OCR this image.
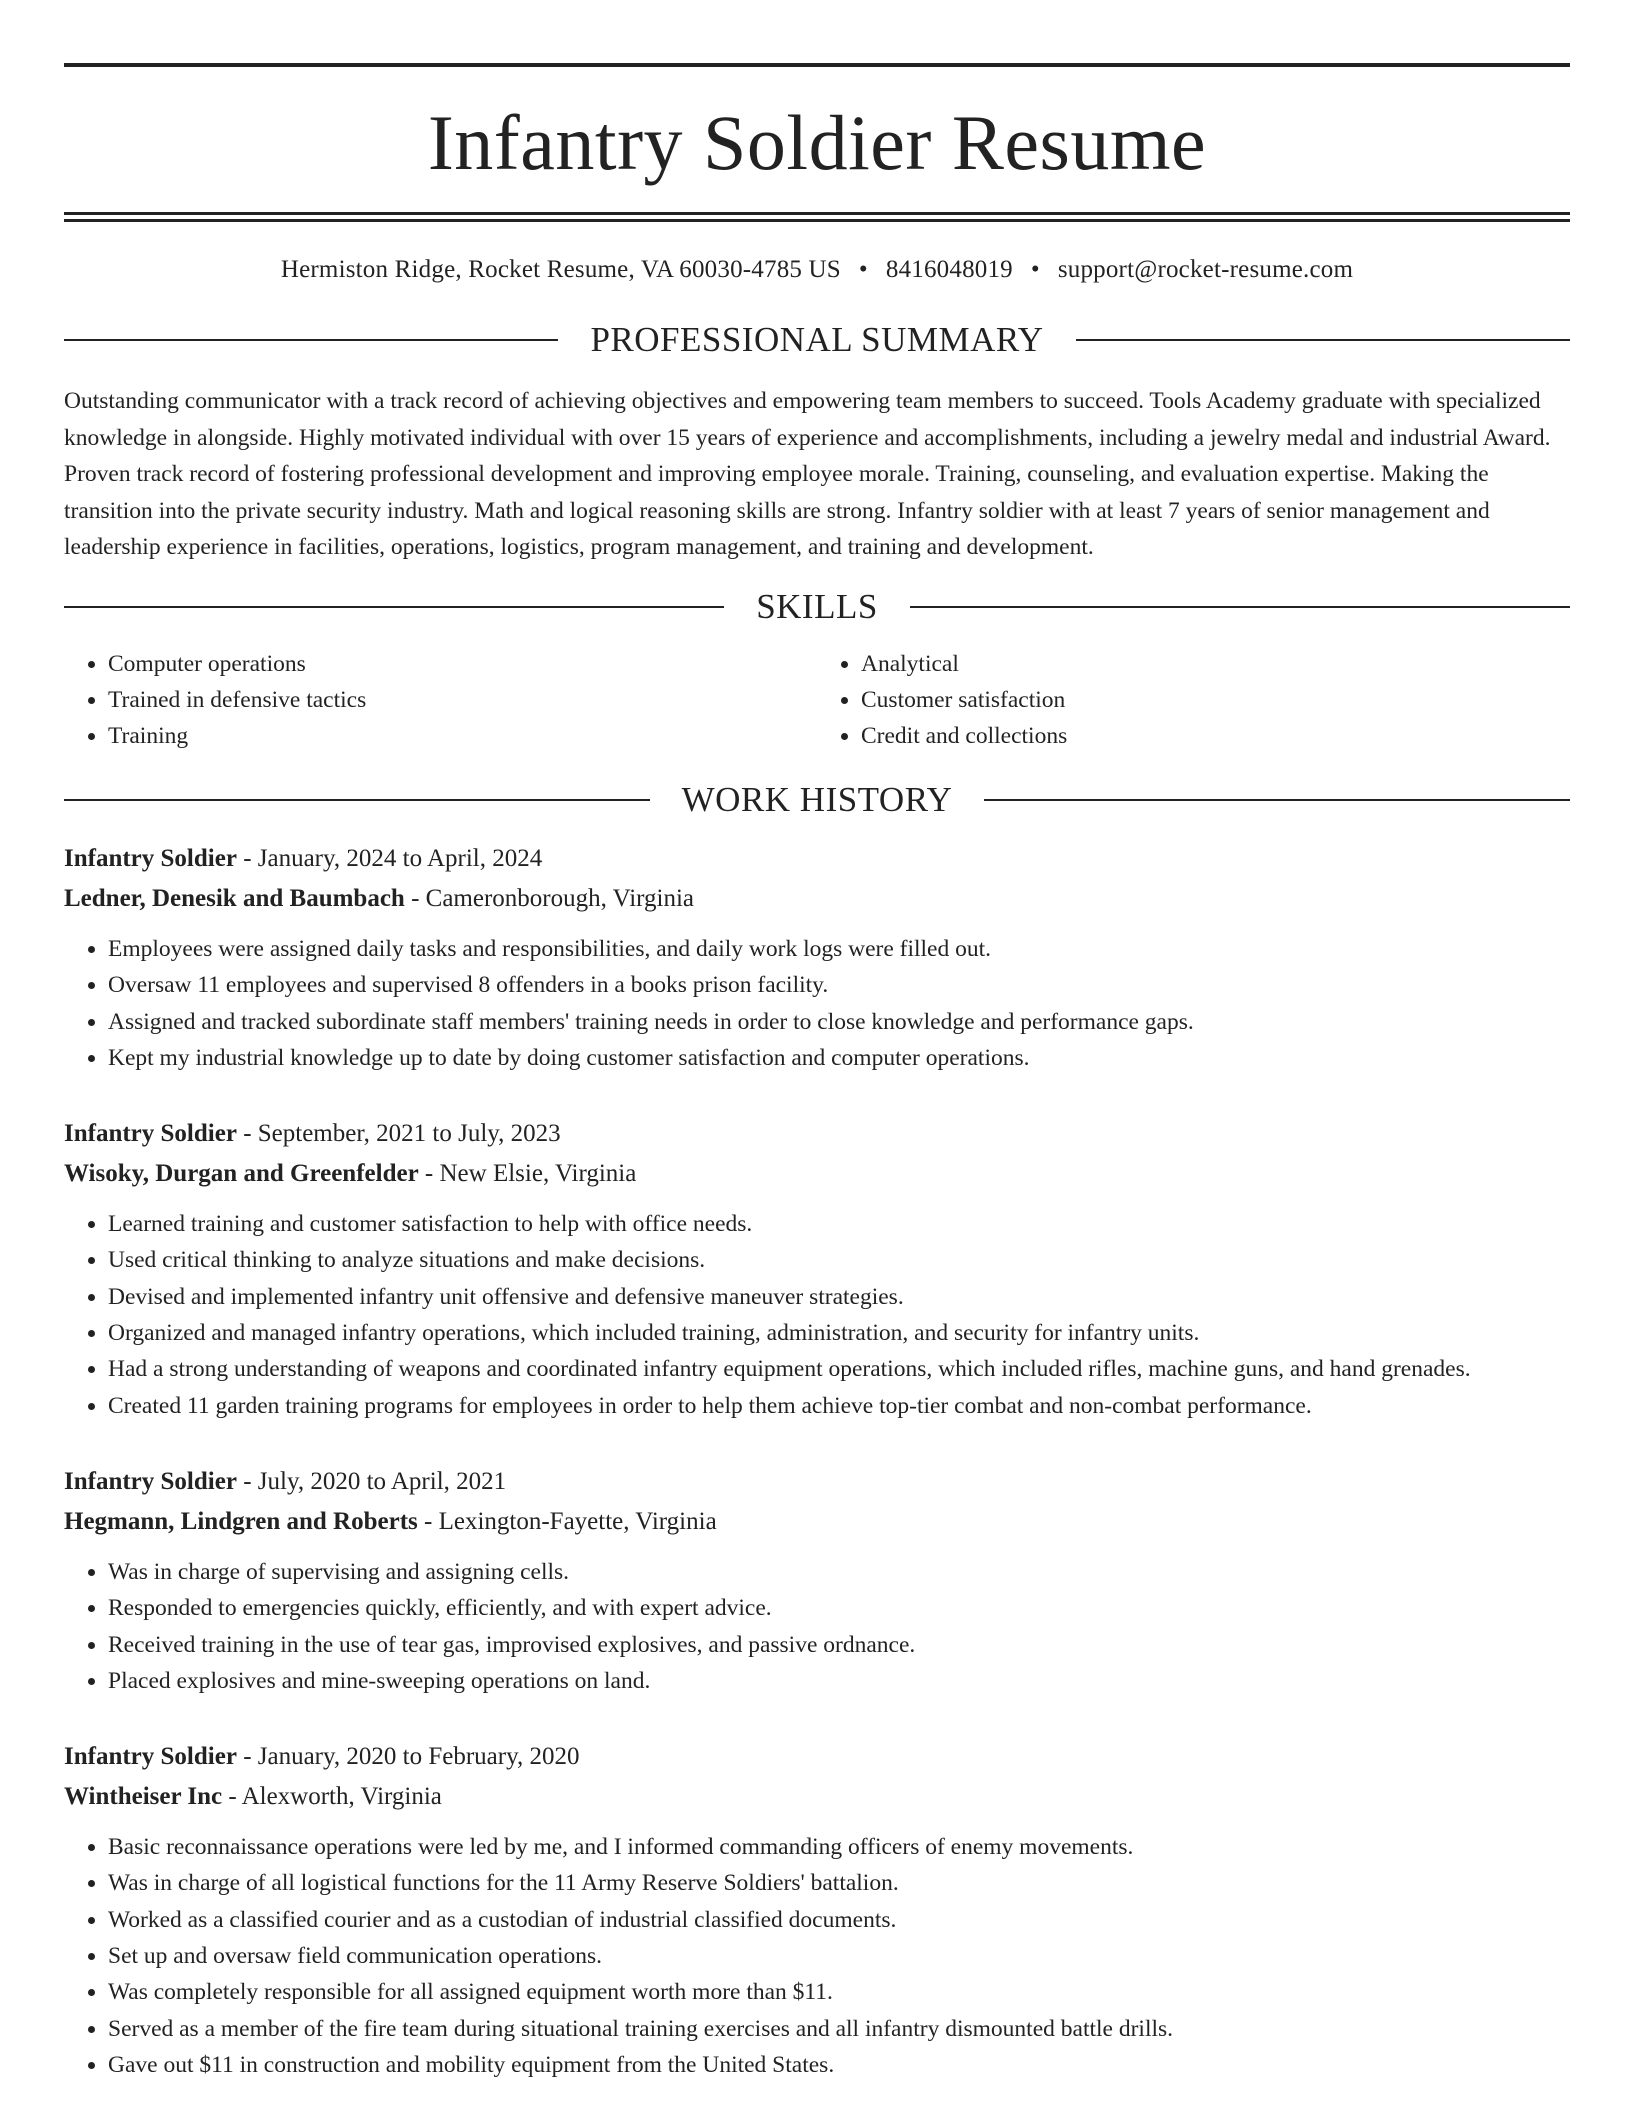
Infantry Soldier Resume
Hermiston Ridge, Rocket Resume, VA 60030-4785 US • 8416048019 • support@rocket-resume.com
PROFESSIONAL SUMMARY

Outstanding communicator with a track record of achieving objectives and empowering team members to succeed. Tools Academy graduate with specialized knowledge in alongside. Highly motivated individual with over 15 years of experience and accomplishments, including a jewelry medal and industrial Award. Proven track record of fostering professional development and improving employee morale. Training, counseling, and evaluation expertise. Making the transition into the private security industry. Math and logical reasoning skills are strong. Infantry soldier with at least 7 years of senior management and leadership experience in facilities, operations, logistics, program management, and training and development.

SKILLS
• Computer operations
• Trained in defensive tactics
• Training
• Analytical
• Customer satisfaction
• Credit and collections
WORK HISTORY
Infantry Soldier - January, 2024 to April, 2024
Ledner, Denesik and Baumbach - Cameronborough, Virginia
• Employees were assigned daily tasks and responsibilities, and daily work logs were filled out.
• Oversaw 11 employees and supervised 8 offenders in a books prison facility.
• Assigned and tracked subordinate staff members' training needs in order to close knowledge and performance gaps.
• Kept my industrial knowledge up to date by doing customer satisfaction and computer operations.
Infantry Soldier - September, 2021 to July, 2023
Wisoky, Durgan and Greenfelder - New Elsie, Virginia
• Learned training and customer satisfaction to help with office needs.
• Used critical thinking to analyze situations and make decisions.
• Devised and implemented infantry unit offensive and defensive maneuver strategies.
• Organized and managed infantry operations, which included training, administration, and security for infantry units.
• Had a strong understanding of weapons and coordinated infantry equipment operations, which included rifles, machine guns, and hand grenades.
• Created 11 garden training programs for employees in order to help them achieve top-tier combat and non-combat performance.
Infantry Soldier - July, 2020 to April, 2021
Hegmann, Lindgren and Roberts - Lexington-Fayette, Virginia
• Was in charge of supervising and assigning cells.
• Responded to emergencies quickly, efficiently, and with expert advice.
• Received training in the use of tear gas, improvised explosives, and passive ordnance.
• Placed explosives and mine-sweeping operations on land.
Infantry Soldier - January, 2020 to February, 2020
Wintheiser Inc - Alexworth, Virginia
• Basic reconnaissance operations were led by me, and I informed commanding officers of enemy movements.
• Was in charge of all logistical functions for the 11 Army Reserve Soldiers' battalion.
• Worked as a classified courier and as a custodian of industrial classified documents.
• Set up and oversaw field communication operations.
• Was completely responsible for all assigned equipment worth more than $11.
• Served as a member of the fire team during situational training exercises and all infantry dismounted battle drills.
• Gave out $11 in construction and mobility equipment from the United States.
